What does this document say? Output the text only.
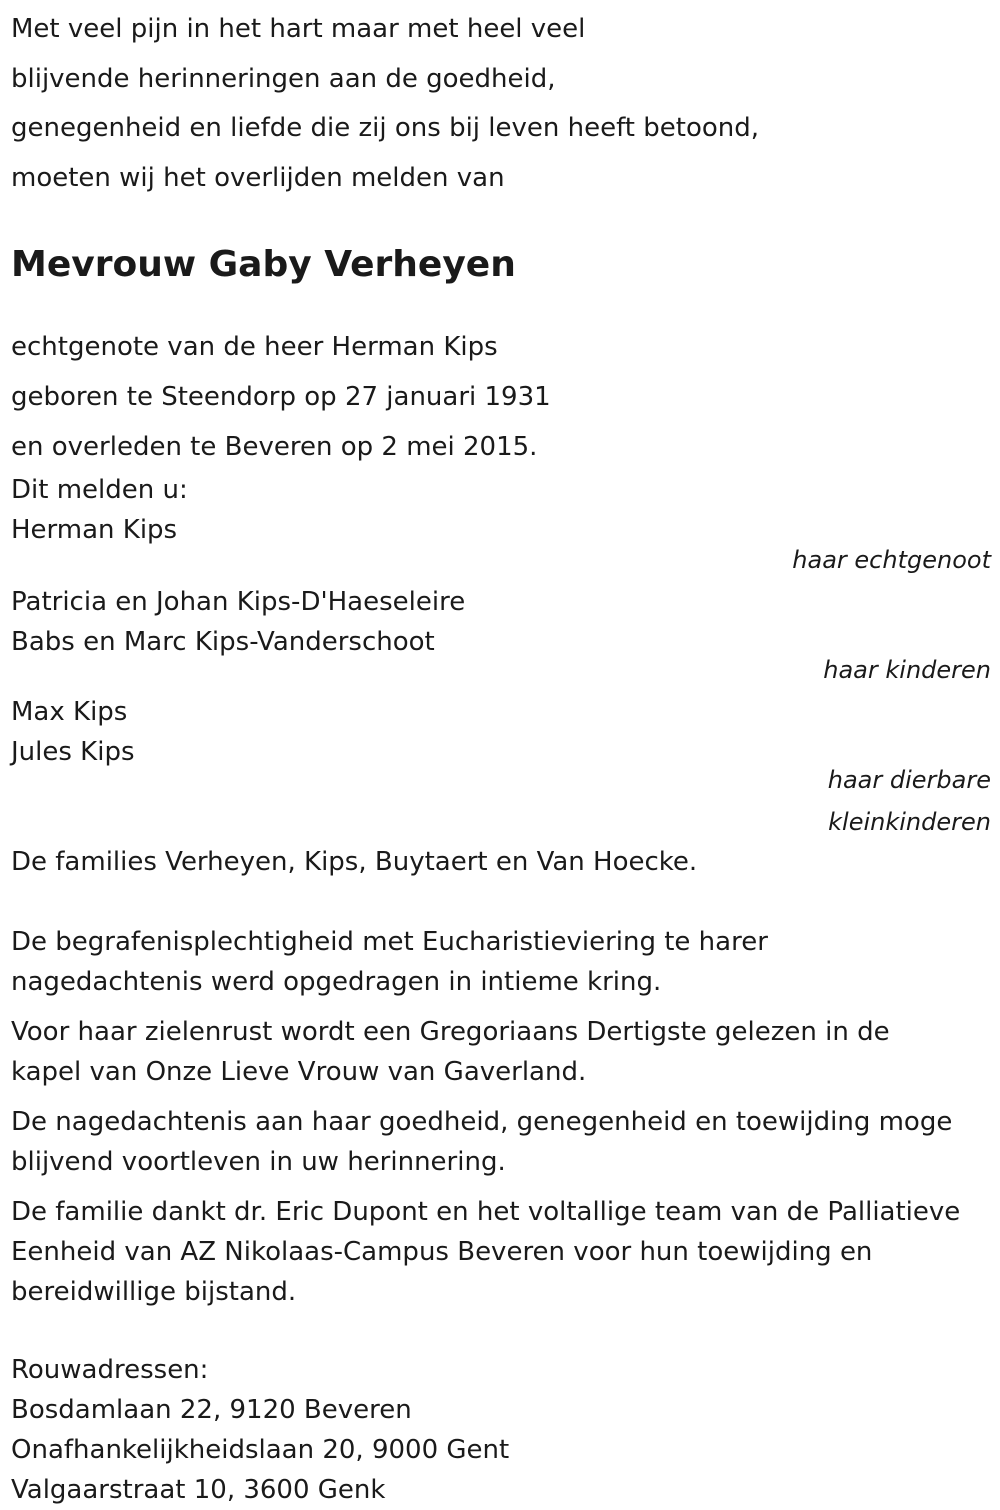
Met veel pijn in het hart maar met heel veel
blijvende herinneringen aan de goedheid,
genegenheid en liefde die zij ons bij leven heeft betoond,
moeten wij het overlijden melden van
Mevrouw Gaby Verheyen
echtgenote van de heer Herman Kips
geboren te Steendorp op 27 januari 1931
en overleden te Beveren op 2 mei 2015.
Dit melden u:
Herman Kips
haar echtgenoot
Patricia en Johan Kips-D'Haeseleire
Babs en Marc Kips-Vanderschoot
haar kinderen
Max Kips
Jules Kips
haar dierbare
kleinkinderen
De families Verheyen, Kips, Buytaert en Van Hoecke.
De begrafenisplechtigheid met Eucharistieviering te harer
nagedachtenis werd opgedragen in intieme kring.
Voor haar zielenrust wordt een Gregoriaans Dertigste gelezen in de
kapel van Onze Lieve Vrouw van Gaverland.
De nagedachtenis aan haar goedheid, genegenheid en toewijding moge
blijvend voortleven in uw herinnering.
De familie dankt dr. Eric Dupont en het voltallige team van de Palliatieve
Eenheid van AZ Nikolaas-Campus Beveren voor hun toewijding en
bereidwillige bijstand.
Rouwadressen:
Bosdamlaan 22, 9120 Beveren
Onafhankelijkheidslaan 20, 9000 Gent
Valgaarstraat 10, 3600 Genk
